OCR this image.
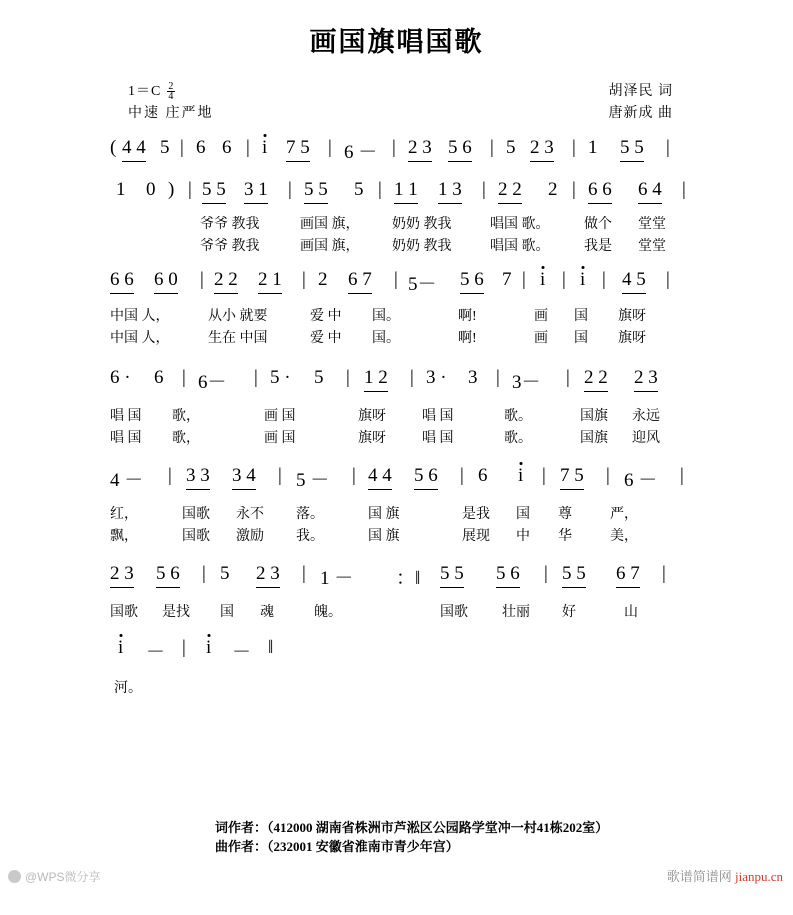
画国旗唱国歌
$1=C \frac{2}{4}$
中速 庄严地
胡泽民 词
唐新成 曲

(

4 4

5

|

6

6

|

i

7 5

|

6 －

|

2 3

5 6

|

5

2 3

|

1

5 5

|

1

0

)

|

5 5

3 1

|

5 5

5

|

1 1

1 3

|

2 2

2

|

6 6

6 4

|

爷爷 教我

	画国 旗，

奶奶 教我

	唱国 歌。

做个

堂堂

爷爷 教我

	画国 旗，

奶奶 教我

	唱国 歌。

我是

堂堂

6 6

6 0

|

2 2

2 1

|

2

6 7

|

5－

5 6

7

|

i

|

i

|

4 5

|

中国 人，

	从小 就要

	爱 中

国。

	啊!

	画

国

旗呀

中国 人，

	生在 中国

	爱 中

国。

	啊!

	画

国

旗呀

6 ·

6

|

6－

|

5 ·

5

|

1 2

|

3 ·

3

|

3－

|

2 2

2 3

唱 国

歌，

	画 国

	旗呀

	唱 国

	歌。

	国旗

永远

唱 国

歌，

	画 国

	旗呀

	唱 国

	歌。

	国旗

迎风

4 －

|

3 3

3 4

|

5 －

|

4 4

5 6

|

6

i

|

7 5

|

6 －

|

红，

	国歌

永不

落。

	国 旗

	是我

国

尊

	严，

飘，

	国歌

激励

我。

	国 旗

	展现

中

华

	美，

2 3

5 6

|

5

2 3

|

1 －

：‖

5 5

5 6

|

5 5

6 7

|

国歌

是找

国

魂

	魄。

	国歌

壮丽

好

	山

i

－

|

i

－

‖

河。

词作者：（412000 湖南省株洲市芦淞区公园路学堂冲一村41栋202室）
曲作者：（232001 安徽省淮南市青少年宫）
@WPS微分享	歌谱简谱网 jianpu.cn
